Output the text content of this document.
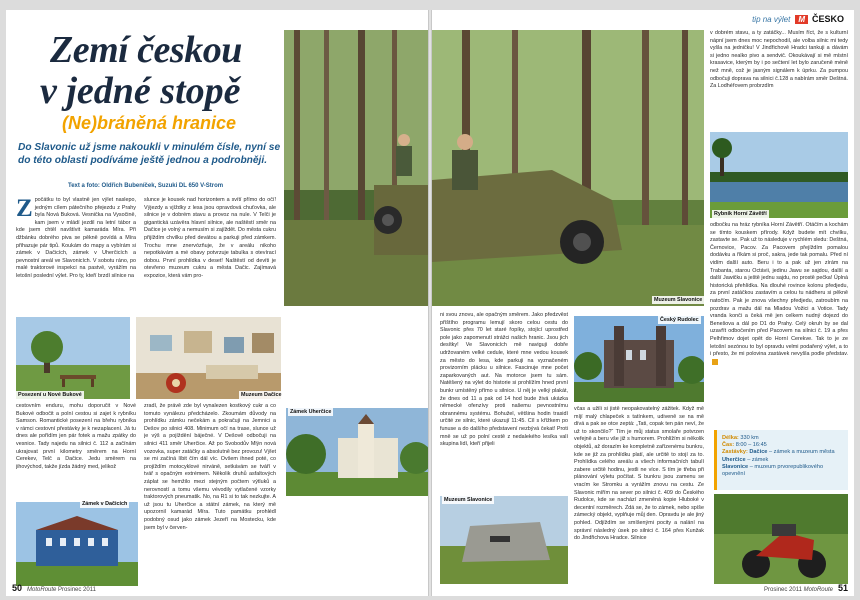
Zemí českou
v jedné stopě
(Ne)bráněná hranice
Do Slavonic už jsme nakoukli v minulém čísle, nyní se do této oblasti podíváme ještě jednou a podrobněji.
Text a foto: Oldřich Bubeníček, Suzuki DL 650 V-Strom
Zpočátku to byl vlastně jen výlet naslepo, jedným cílem pátečního přejezdu z Prahy byla Nová Buková. Vesnička na Vysočině, kam jsem v mládí jezdil na letní tábor a kde jsem chtěl navštívit kamaráda Míra. Při džbánku dobrého piva se pěkně povídá a Míra přihazuje pár tipů. Koukám do mapy a vybírám si zámek v Dačicích, zámek v Uherčicích a pevnostní areál ve Slavonicích. V sobotu ráno, po malé traktorové inspekci na pastvě, vyrážím na letošní poslední výlet. Pro ty, kteří brzdí silnice na
slunce je kousek nad horizontem a svítí přímo do očí! Výjezdy a vjíždky z lesa jsou opravdová chuťovka, ale silnice je v dobrém stavu a provoz na nule. V Telči je gigantická uzávěra hlavní silnice, ale naštěstí směr na Dačice je volný a nemusím si zajíždět. Do města cukru přijíždím chvilku před devátou a parkuji před zámkem. Trochu mne znervózňuje, že v areálu nikoho nepotkávám a mé obavy potvrzuje tabulka s otevírací dobou. První prohlídka v deset! Naštěstí od devíti je otevřeno muzeum cukru a města Dačic. Zajímavá expozice, která vám pro-
Posezení u Nové Bukové	Muzeum Dačice
cestovním enduru, mohu doporučit v Nové Bukové odbočit a polní cestou si zajet k rybníku Samson. Romantické posezení na břehu rybníka v rámci cestovní přestávky je k nezaplacení. Já tu dnes ale pořídím jen pár fotek a mažu zpátky do vesnice. Tady najedu na silnici č. 112 a začínám ukrajovat první kilometry směrem na Horní Cerekev, Telč a Dačice. Jedu směrem na jihovýchod, takže jízda žádný med, jelikož
zradí, že právě zde byl vynalezen kostkový cukr a co tomuto vynálezu předcházelo. Zkoumám důvody na prohlídku zámku nečekám a pokračuji na Jemnici a Dešov po silnici 408. Minimum očí na trase, slunce už je výš a pojíždění báječné. V Dešově odbočuji na silnici 411 směr Uherčice. Až po Svobodův Mlýn nová vozovka, super zatáčky a absolutně bez provozu! Výlet se mi začíná líbit čím dál víc. Ovšem ihned poté, co projíždím motocyklové nirváně, setkávám se tváří v tvář s opačným extrémem. Několik druhů asfaltových záplat se hemžilo mezi stejným počtem výtluků a nerovností a tomu všemu vévodily vytlačené vzorky traktorových pneumatik. No, na R1 si to tak nezkujte. A už jsou tu Uherčice a státní zámek, na který mě upozornil kamarád Míra. Tuto památku prohlédl podobný osud jako zámek Jezeří na Mostecku, kde jsem byl v červen-
Zámek Uherčice
Zámek v Dačicích
50 MotoRoute Prosinec 2011
tip na výlet M ČESKO
Muzeum Slavonice
v dobrém stavu, a ty zatáčky... Musím říct, že s kulturní nápní jsem dnes moc nepochodil, ale volba silnic mi tedy vyšla na jedničku! V Jindřichově Hradci tankuji a dávám si jedno nealko pivo a sendvič. Okoukávají si mě místní krasavice, kterým by i po sečtení let bylo zaručeně méně než mně, což je jasným signálem k úprku. Za pumpou odbočuji doprava na silnici č.128 a nabírám směr Deštná. Za Lodhéřovem probrzdím
Rybník Horní Závětří
odbočku na hráz rybníka Horní Závětří. Otáčím a kochám se tímto kouskem přírody. Když budete mít chvilku, zastavte se. Pak už to následuje v rychlém sledu: Deštná, Černovice, Pacov. Za Pacovem přejíždím pomalou dodávku a říkám si proč, sakra, jede tak pomalu. Před ní vidím další auto. Beru i to a pak už jen zírám na Trabanta, starou Octávii, jedinu Jawu se sajdou, další a další Jawičku a ještě jednu sajdu, no prostě pečka! Úplná historická přehlídka. Na dlouhé rovince kolonu předjedu, za první zatáčkou zastavím a celou tu nádheru si pěkně natočím. Pak je znova všechny předjedu, zatroubím na pozdrav a mažu dál na Mladou Vožici a Votice. Tady vranda konči a čeká mě jen celkem nudný dojezd do Benešova a dál po D1 do Prahy. Celý okruh by se dal uzavřít odbočením před Pacovem na silnici č. 19 a přes Pelhřimov dojet opět do Horní Cerekve. Tak to je ze letošní sezónou to byl opravdu velmi podařený výlet, a to i přesto, že mi polovina zastávek nevyšla podle představ.
ni svou znovu, ale opačným směrem. Jako předzvěst příštího programu lemují skoro celou cestu do Slavonic přes 70 let staré řopíky, stojící uprostřed pole jako zapomenutí strážci našich hranic. Jsou jich desítky! Ve Slavonicích mě naviguji dobře udržovaném velké cedule, které mne vedou kousek za město do lesa, kde parkuji na vyznačeném provizorním plácku u silnice. Fascinuje mne počet zaparkovaných aut. Na motorce jsem tu sám. Natěšený na výlet do historie si prohlížím hned první bunkr umístěný přímo u silnice. U něj je velký plakát, že dnes od 11 a pak od 14 hod bude živá ukázka německé ofenzívy proti našemu pevnostnímu obrannému systému. Bohužel, většina hodin trasidí určité ze silnic, které ukazují 11:45. Cíl s křížkem po funuse a do dalšího představení nezbývá čekat! Proti mně se už po polní cestě z nedalekého lesíka valí skupina lidí, kteří přijeli
Český Rudolec
včas a užili si jistě neopakovatelný zážitek. Když mě míjí malý chlapeček s tatínkem, udiveně se na mě dívá a pak se otce zeptá: „Tati, copak ten pán neví, že už to skončilo?“ Tím je můj status smolaře potvrzen veřejně a beru vše již s humorem. Prohlížím si několik objektů, až dorazím ke kompletně zařízenému bunkru, kde se již za prohlídku platí, ale určitě to stojí za to. Prohlídka celého areálu a všech informačních tabulí zabere určitě hodinu, jestli ne více. S tím je třeba při plánování výletu počítat. S bunkru jsou zamenu se vracím ke Stromku a vyrážím znovu na cestu. Ze Slavonic mířím na sever po silnici č. 409 do Českého Rudolce, kde se nachází zmeněná kopie Hluboké v decentní rozměrech. Zdá se, že to zámek, nebo spíše zámecký objekt, vyplňuje můj den. Opravdu je ale jiný pohled. Odjíždím se smíšenými pocity a nalání na správní následný úsek po silnici č. 164 přes Kunžak do Jindřichova Hradce. Silnice
Muzeum Slavonice
Délka: 330 km
Čas: 8:00 – 16:45
Zastávky: Dačice – zámek a muzeum města
Uherčice – zámek
Slavonice – muzeum prvorepublikového opevnění
Prosinec 2011 MotoRoute 51
